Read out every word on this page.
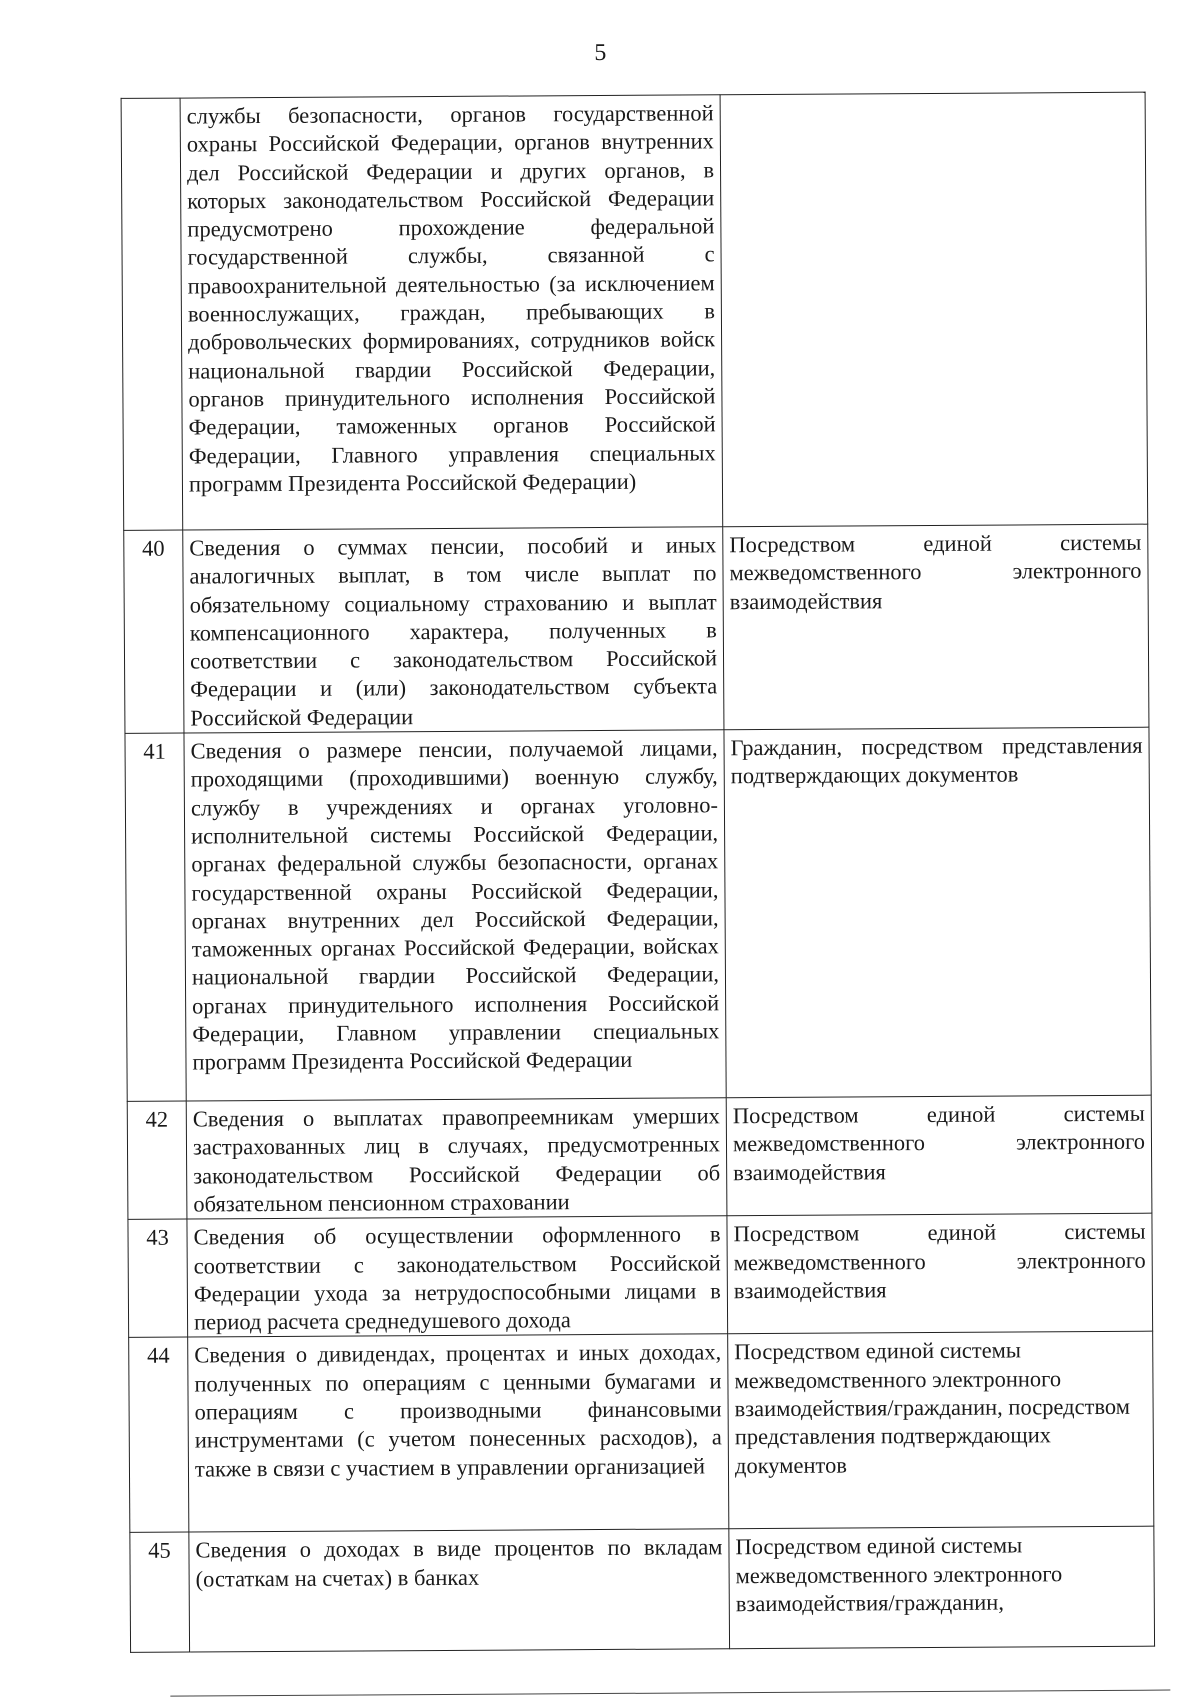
5
	службы безопасности, органов государственной охраны Российской Федерации, органов внутренних дел Российской Федерации и других органов, в которых законодательством Российской Федерации предусмотрено прохождение федеральной государственной службы, связанной с правоохранительной деятельностью (за исключением военнослужащих, граждан, пребывающих в добровольческих формированиях, сотрудников войск национальной гвардии Российской Федерации, органов принудительного исполнения Российской Федерации, таможенных органов Российской Федерации, Главного управления специальных программ Президента Российской Федерации)	
40	Сведения о суммах пенсии, пособий и иных аналогичных выплат, в том числе выплат по обязательному социальному страхованию и выплат компенсационного характера, полученных в соответствии с законодательством Российской Федерации и (или) законодательством субъекта Российской Федерации	Посредством единой системы межведомственного электронного взаимодействия
41	Сведения о размере пенсии, получаемой лицами, проходящими (проходившими) военную службу, службу в учреждениях и органах уголовно-исполнительной системы Российской Федерации, органах федеральной службы безопасности, органах государственной охраны Российской Федерации, органах внутренних дел Российской Федерации, таможенных органах Российской Федерации, войсках национальной гвардии Российской Федерации, органах принудительного исполнения Российской Федерации, Главном управлении специальных программ Президента Российской Федерации	Гражданин, посредством представления подтверждающих документов
42	Сведения о выплатах правопреемникам умерших застрахованных лиц в случаях, предусмотренных законодательством Российской Федерации об обязательном пенсионном страховании	Посредством единой системы межведомственного электронного взаимодействия
43	Сведения об осуществлении оформленного в соответствии с законодательством Российской Федерации ухода за нетрудоспособными лицами в период расчета среднедушевого дохода	Посредством единой системы межведомственного электронного взаимодействия
44	Сведения о дивидендах, процентах и иных доходах, полученных по операциям с ценными бумагами и операциям с производными финансовыми инструментами (с учетом понесенных расходов), а также в связи с участием в управлении организацией	Посредством единой системы межведомственного электронного взаимодействия/гражданин, посредством представления подтверждающих документов
45	Сведения о доходах в виде процентов по вкладам (остаткам на счетах) в банках	Посредством единой системы межведомственного электронного взаимодействия/гражданин,
